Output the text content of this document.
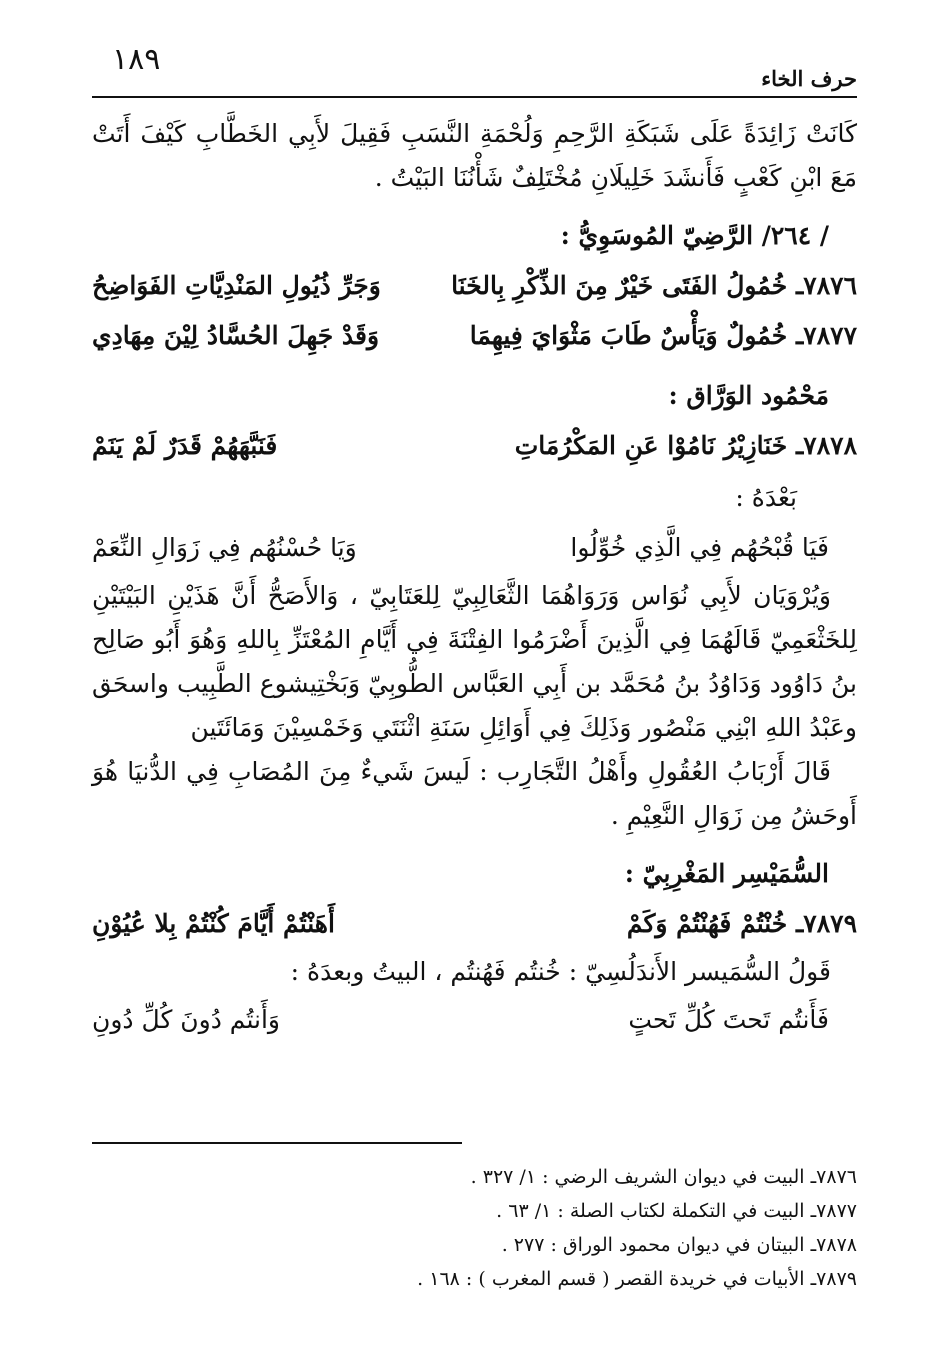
١٨٩
حرف الخاء

كَانَتْ زَائِدَةً عَلَى شَبَكَةِ الرَّحِمِ وَلُحْمَةِ النَّسَبِ فَقِيلَ لأَبِي الخَطَّابِ كَيْفَ أَتَتْ مَعَ ابْنِ كَعْبٍ فَأَنشَدَ خَلِيلَانِ مُخْتَلِفٌ شَأْنُنَا البَيْتُ .

/ ٢٦٤/ الرَّضِيّ المُوسَوِيُّ :
٧٨٧٦ـ خُمُولُ الفَتَى خَيْرٌ مِنَ الذِّكْرِ بِالخَنَا
وَجَرِّ ذُيُولِ المَنْدِيَّاتِ الفَوَاضِحُ
٧٨٧٧ـ خُمُولٌ وَيَأْسٌ طَابَ مَثْوَايَ فِيهِمَا
وَقَدْ جَهِلَ الحُسَّادُ لِيْنَ مِهَادِي
مَحْمُود الوَرَّاق :
٧٨٧٨ـ خَنَازِيْرُ نَامُوْا عَنِ المَكْرُمَاتِ
فَنَبَّهَهُمْ قَدَرٌ لَمْ يَنَمْ
بَعْدَهُ :
فَيَا قُبْحُهُم فِي الَّذِي خُوِّلُوا
وَيَا حُسْنُهُم فِي زَوَالِ النِّعَمْ

وَيُرْوَيَان لأَبِي نُوَاس وَرَوَاهُمَا الثَّعَالِبِيّ لِلعَتَابِيّ ، وَالأَصَحُّ أَنَّ هَذَيْنِ البَيْتَيْنِ لِلخَثْعَمِيّ قَالَهُمَا فِي الَّذِينَ أَضْرَمُوا الفِتْنَةَ فِي أَيَّامِ المُعْتَزِّ بِاللهِ وَهُوَ أَبُو صَالِح بنُ دَاوُود وَدَاوُدُ بنُ مُحَمَّد بن أَبِي العَبَّاس الطُّوبِيّ وَبَخْتِيشوع الطَّبِيب واسحَق وعَبْدُ اللهِ ابْنِي مَنْصُور وَذَلِكَ فِي أَوَائِلِ سَنَةِ اثْنَتَي وَخَمْسِيْنَ وَمَائَتَين

قَالَ أَرْبَابُ العُقُولِ وأَهْلُ التَّجَارِب : لَيسَ شَيءٌ مِنَ المُصَابِ فِي الدُّنيَا هُوَ أَوحَشُ مِن زَوَالِ النَّعِيْمِ .

السُّمَيْسِر المَغْرِبِيّ :
٧٨٧٩ـ خُنْتُمْ فَهُنْتُمْ وَكَمْ
أَهَنْتُمْ أَيَّامَ كُنْتُمْ بِلا عُيُوْنِ

قَولُ السُّمَيسر الأَندَلُسِيّ : خُنتُم فَهُنتُم ، البيتُ وبعدَهُ :

فَأَنتُم تَحتَ كُلِّ تَحتٍ
وَأَنتُم دُونَ كُلِّ دُونِ

٧٨٧٦ـ البيت في ديوان الشريف الرضي : ١/ ٣٢٧ .

٧٨٧٧ـ البيت في التكملة لكتاب الصلة : ١/ ٦٣ .

٧٨٧٨ـ البيتان في ديوان محمود الوراق : ٢٧٧ .

٧٨٧٩ـ الأبيات في خريدة القصر ( قسم المغرب ) : ١٦٨ .
